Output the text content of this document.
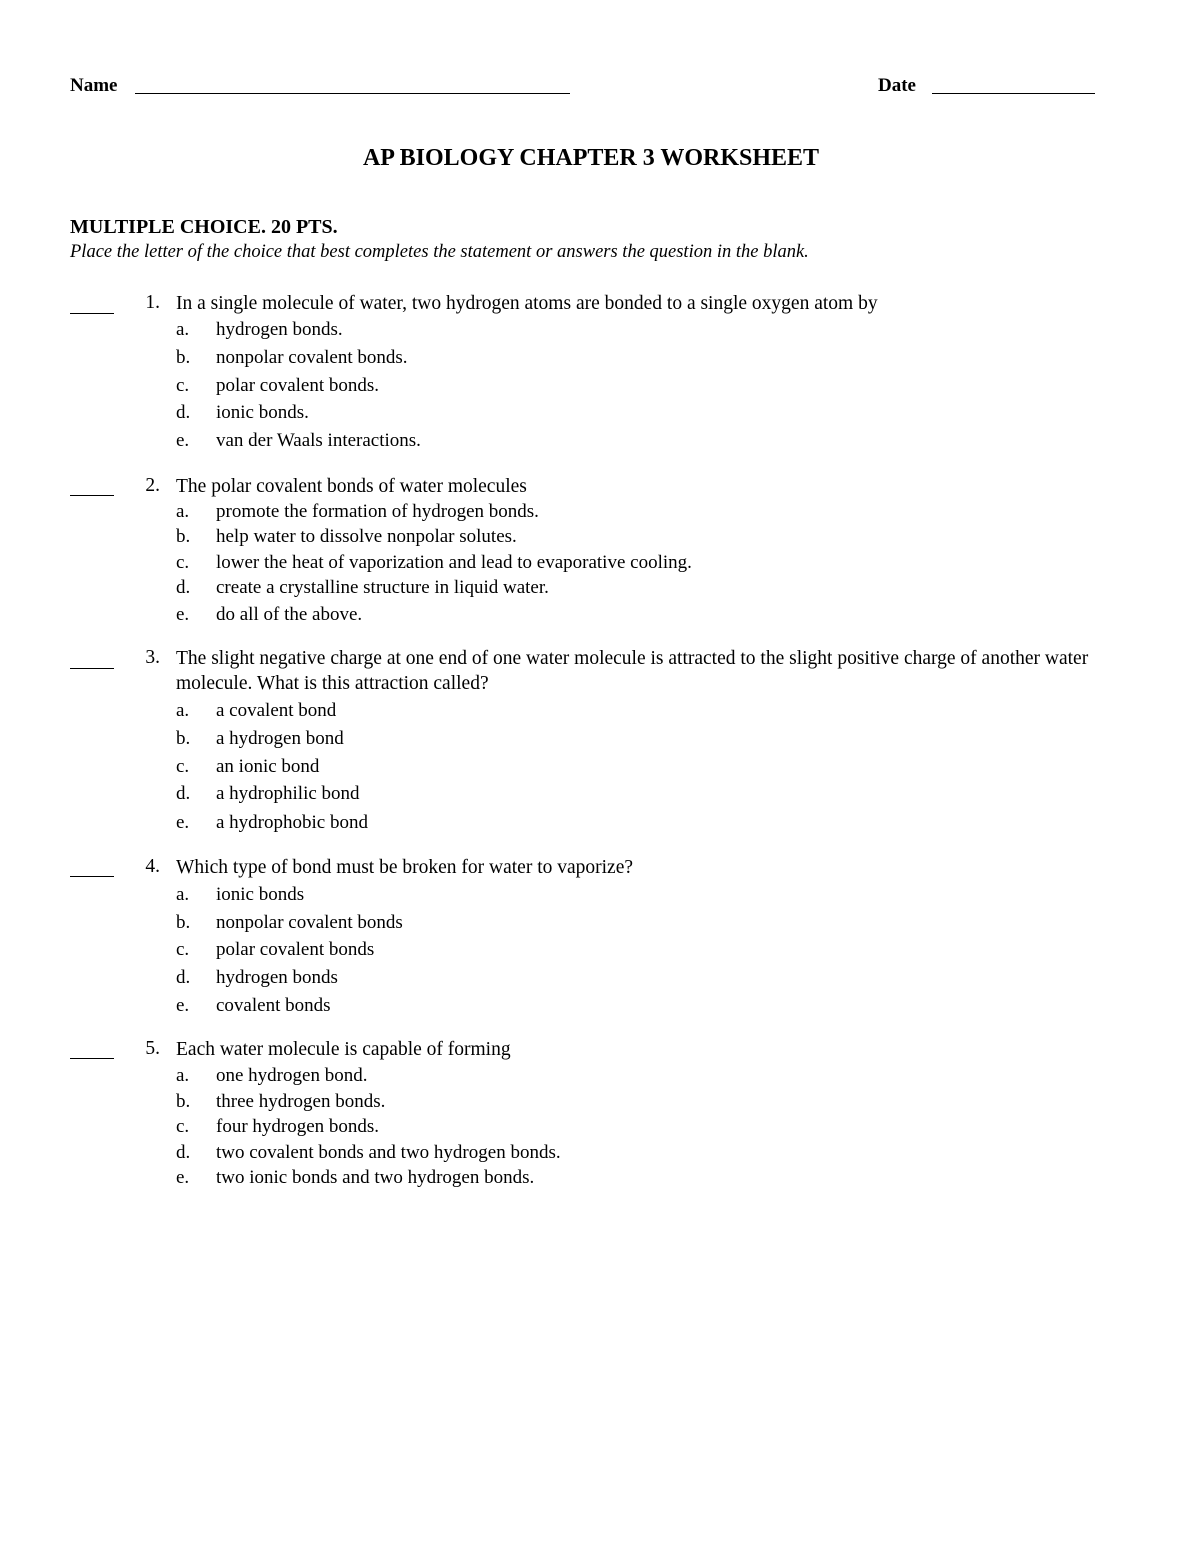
Name	Date
AP BIOLOGY CHAPTER 3 WORKSHEET
MULTIPLE CHOICE. 20 PTS.
Place the letter of the choice that best completes the statement or answers the question in the blank.
1. In a single molecule of water, two hydrogen atoms are bonded to a single oxygen atom by
a. hydrogen bonds.
b. nonpolar covalent bonds.
c. polar covalent bonds.
d. ionic bonds.
e. van der Waals interactions.
2. The polar covalent bonds of water molecules
a. promote the formation of hydrogen bonds.
b. help water to dissolve nonpolar solutes.
c. lower the heat of vaporization and lead to evaporative cooling.
d. create a crystalline structure in liquid water.
e. do all of the above.
3. The slight negative charge at one end of one water molecule is attracted to the slight positive charge of another water molecule. What is this attraction called?
a. a covalent bond
b. a hydrogen bond
c. an ionic bond
d. a hydrophilic bond
e. a hydrophobic bond
4. Which type of bond must be broken for water to vaporize?
a. ionic bonds
b. nonpolar covalent bonds
c. polar covalent bonds
d. hydrogen bonds
e. covalent bonds
5. Each water molecule is capable of forming
a. one hydrogen bond.
b. three hydrogen bonds.
c. four hydrogen bonds.
d. two covalent bonds and two hydrogen bonds.
e. two ionic bonds and two hydrogen bonds.
